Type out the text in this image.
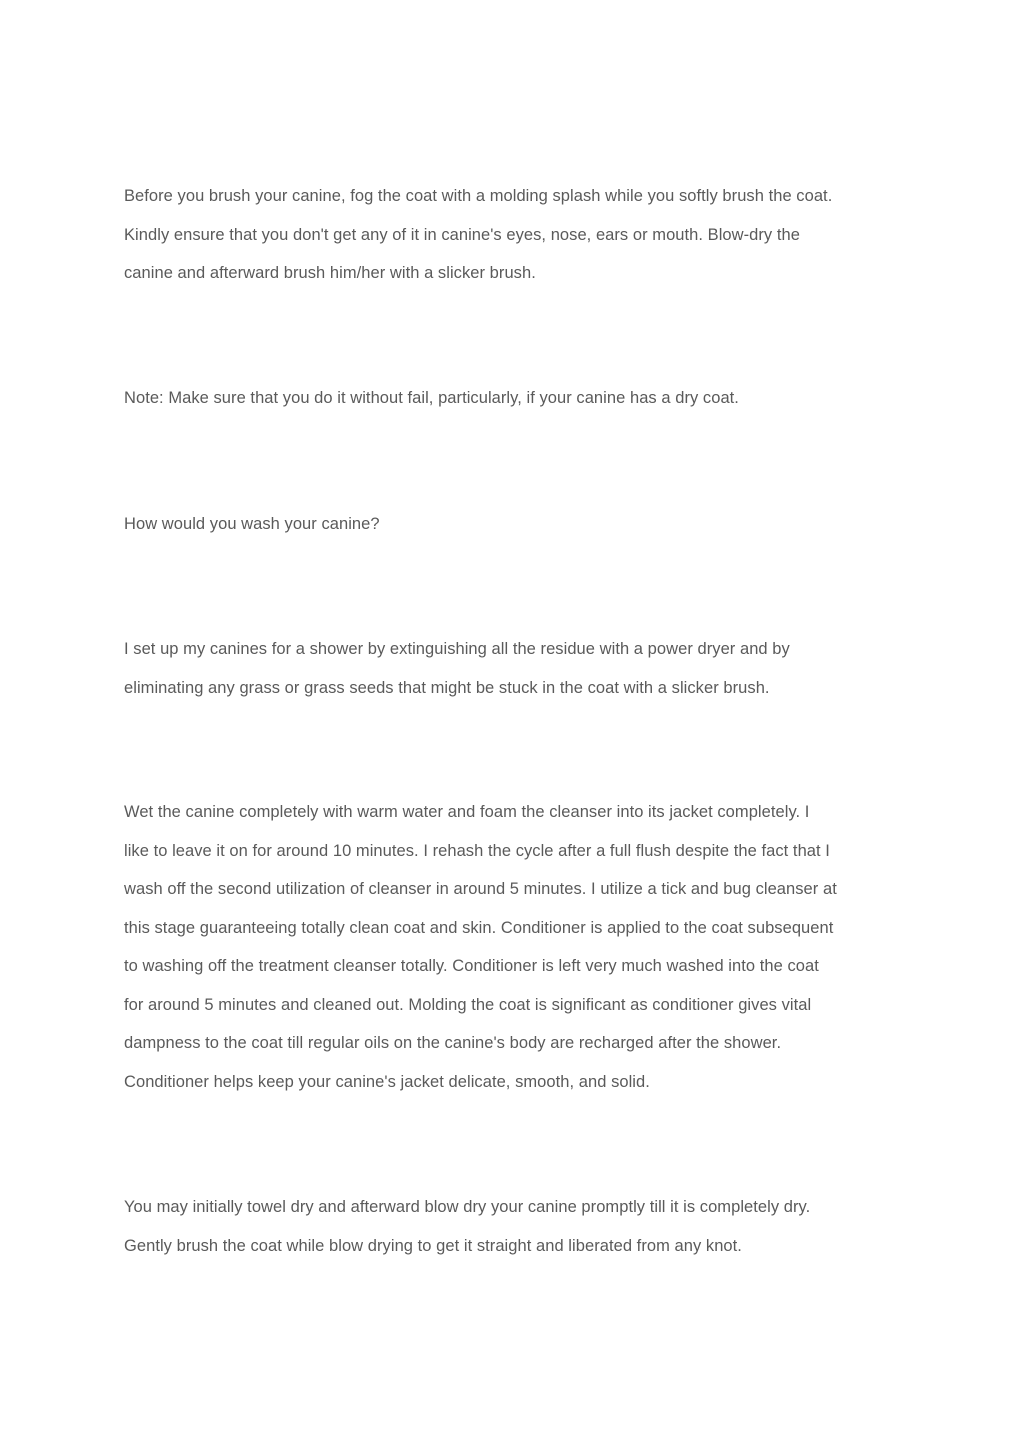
Before you brush your canine, fog the coat with a molding splash while you softly brush the coat.
Kindly ensure that you don't get any of it in canine's eyes, nose, ears or mouth. Blow-dry the
canine and afterward brush him/her with a slicker brush.

Note: Make sure that you do it without fail, particularly, if your canine has a dry coat.

How would you wash your canine?

I set up my canines for a shower by extinguishing all the residue with a power dryer and by
eliminating any grass or grass seeds that might be stuck in the coat with a slicker brush.

Wet the canine completely with warm water and foam the cleanser into its jacket completely. I
like to leave it on for around 10 minutes. I rehash the cycle after a full flush despite the fact that I
wash off the second utilization of cleanser in around 5 minutes. I utilize a tick and bug cleanser at
this stage guaranteeing totally clean coat and skin. Conditioner is applied to the coat subsequent
to washing off the treatment cleanser totally. Conditioner is left very much washed into the coat
for around 5 minutes and cleaned out. Molding the coat is significant as conditioner gives vital
dampness to the coat till regular oils on the canine's body are recharged after the shower.
Conditioner helps keep your canine's jacket delicate, smooth, and solid.

You may initially towel dry and afterward blow dry your canine promptly till it is completely dry.
Gently brush the coat while blow drying to get it straight and liberated from any knot.
